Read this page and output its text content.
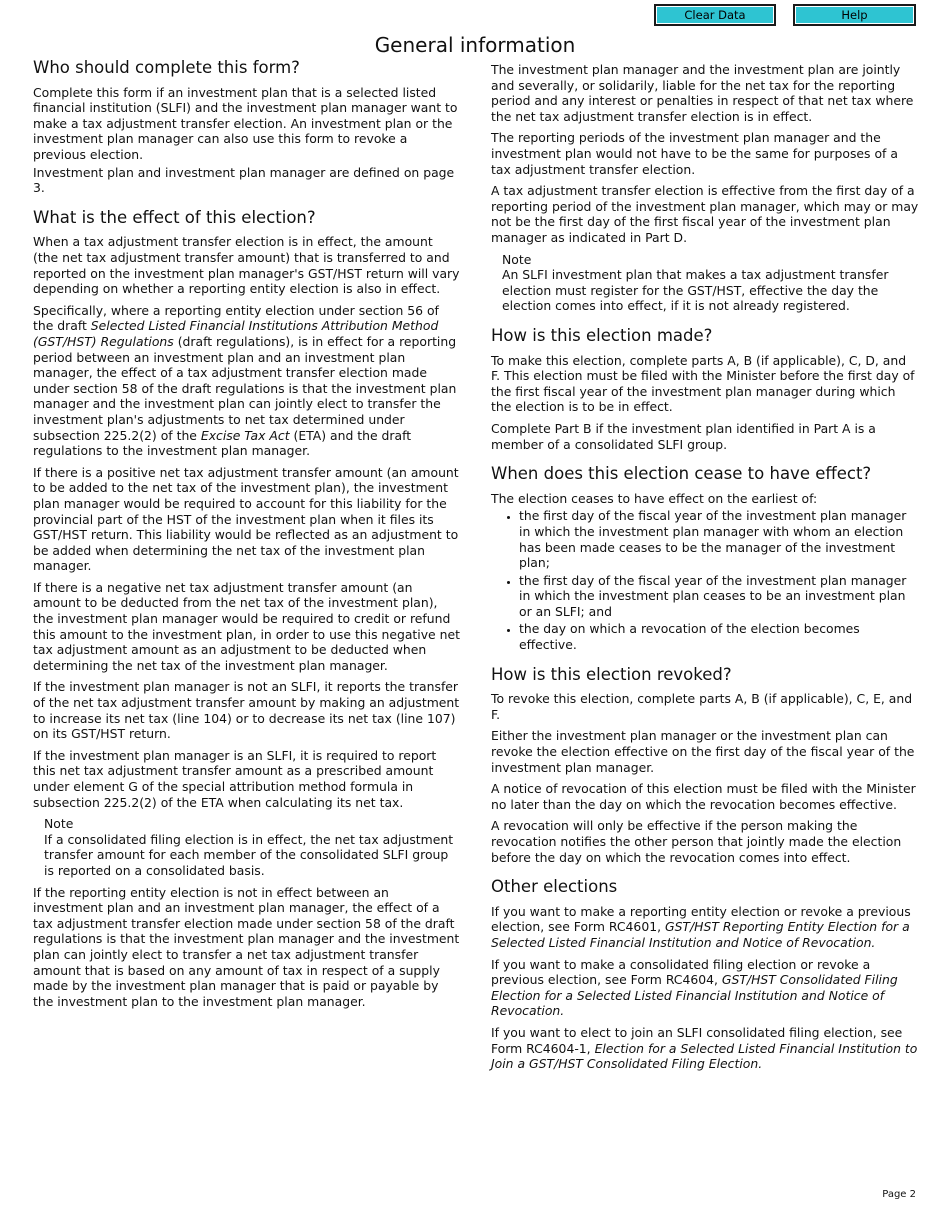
Clear Data	Help
General information
Who should complete this form?

Complete this form if an investment plan that is a selected listed financial institution (SLFI) and the investment plan manager want to make a tax adjustment transfer election. An investment plan or the investment plan manager can also use this form to revoke a previous election.

Investment plan and investment plan manager are defined on page 3.

What is the effect of this election?

When a tax adjustment transfer election is in effect, the amount (the net tax adjustment transfer amount) that is transferred to and reported on the investment plan manager's GST/HST return will vary depending on whether a reporting entity election is also in effect.

Specifically, where a reporting entity election under section 56 of the draft Selected Listed Financial Institutions Attribution Method (GST/HST) Regulations (draft regulations), is in effect for a reporting period between an investment plan and an investment plan manager, the effect of a tax adjustment transfer election made under section 58 of the draft regulations is that the investment plan manager and the investment plan can jointly elect to transfer the investment plan's adjustments to net tax determined under subsection 225.2(2) of the Excise Tax Act (ETA) and the draft regulations to the investment plan manager.

If there is a positive net tax adjustment transfer amount (an amount to be added to the net tax of the investment plan), the investment plan manager would be required to account for this liability for the provincial part of the HST of the investment plan when it files its GST/HST return. This liability would be reflected as an adjustment to be added when determining the net tax of the investment plan manager.

If there is a negative net tax adjustment transfer amount (an amount to be deducted from the net tax of the investment plan), the investment plan manager would be required to credit or refund this amount to the investment plan, in order to use this negative net tax adjustment amount as an adjustment to be deducted when determining the net tax of the investment plan manager.

If the investment plan manager is not an SLFI, it reports the transfer of the net tax adjustment transfer amount by making an adjustment to increase its net tax (line 104) or to decrease its net tax (line 107) on its GST/HST return.

If the investment plan manager is an SLFI, it is required to report this net tax adjustment transfer amount as a prescribed amount under element G of the special attribution method formula in subsection 225.2(2) of the ETA when calculating its net tax.

Note

If a consolidated filing election is in effect, the net tax adjustment transfer amount for each member of the consolidated SLFI group is reported on a consolidated basis.

If the reporting entity election is not in effect between an investment plan and an investment plan manager, the effect of a tax adjustment transfer election made under section 58 of the draft regulations is that the investment plan manager and the investment plan can jointly elect to transfer a net tax adjustment transfer amount that is based on any amount of tax in respect of a supply made by the investment plan manager that is paid or payable by the investment plan to the investment plan manager.

The investment plan manager and the investment plan are jointly and severally, or solidarily, liable for the net tax for the reporting period and any interest or penalties in respect of that net tax where the net tax adjustment transfer election is in effect.

The reporting periods of the investment plan manager and the investment plan would not have to be the same for purposes of a tax adjustment transfer election.

A tax adjustment transfer election is effective from the first day of a reporting period of the investment plan manager, which may or may not be the first day of the first fiscal year of the investment plan manager as indicated in Part D.

Note

An SLFI investment plan that makes a tax adjustment transfer election must register for the GST/HST, effective the day the election comes into effect, if it is not already registered.

How is this election made?

To make this election, complete parts A, B (if applicable), C, D, and F. This election must be filed with the Minister before the first day of the first fiscal year of the investment plan manager during which the election is to be in effect.

Complete Part B if the investment plan identified in Part A is a member of a consolidated SLFI group.

When does this election cease to have effect?

The election ceases to have effect on the earliest of:

• the first day of the fiscal year of the investment plan manager in which the investment plan manager with whom an election has been made ceases to be the manager of the investment plan;
• the first day of the fiscal year of the investment plan manager in which the investment plan ceases to be an investment plan or an SLFI; and
• the day on which a revocation of the election becomes effective.
How is this election revoked?

To revoke this election, complete parts A, B (if applicable), C, E, and F.

Either the investment plan manager or the investment plan can revoke the election effective on the first day of the fiscal year of the investment plan manager.

A notice of revocation of this election must be filed with the Minister no later than the day on which the revocation becomes effective.

A revocation will only be effective if the person making the revocation notifies the other person that jointly made the election before the day on which the revocation comes into effect.

Other elections

If you want to make a reporting entity election or revoke a previous election, see Form RC4601, GST/HST Reporting Entity Election for a Selected Listed Financial Institution and Notice of Revocation.

If you want to make a consolidated filing election or revoke a previous election, see Form RC4604, GST/HST Consolidated Filing Election for a Selected Listed Financial Institution and Notice of Revocation.

If you want to elect to join an SLFI consolidated filing election, see Form RC4604-1, Election for a Selected Listed Financial Institution to Join a GST/HST Consolidated Filing Election.

Page 2
